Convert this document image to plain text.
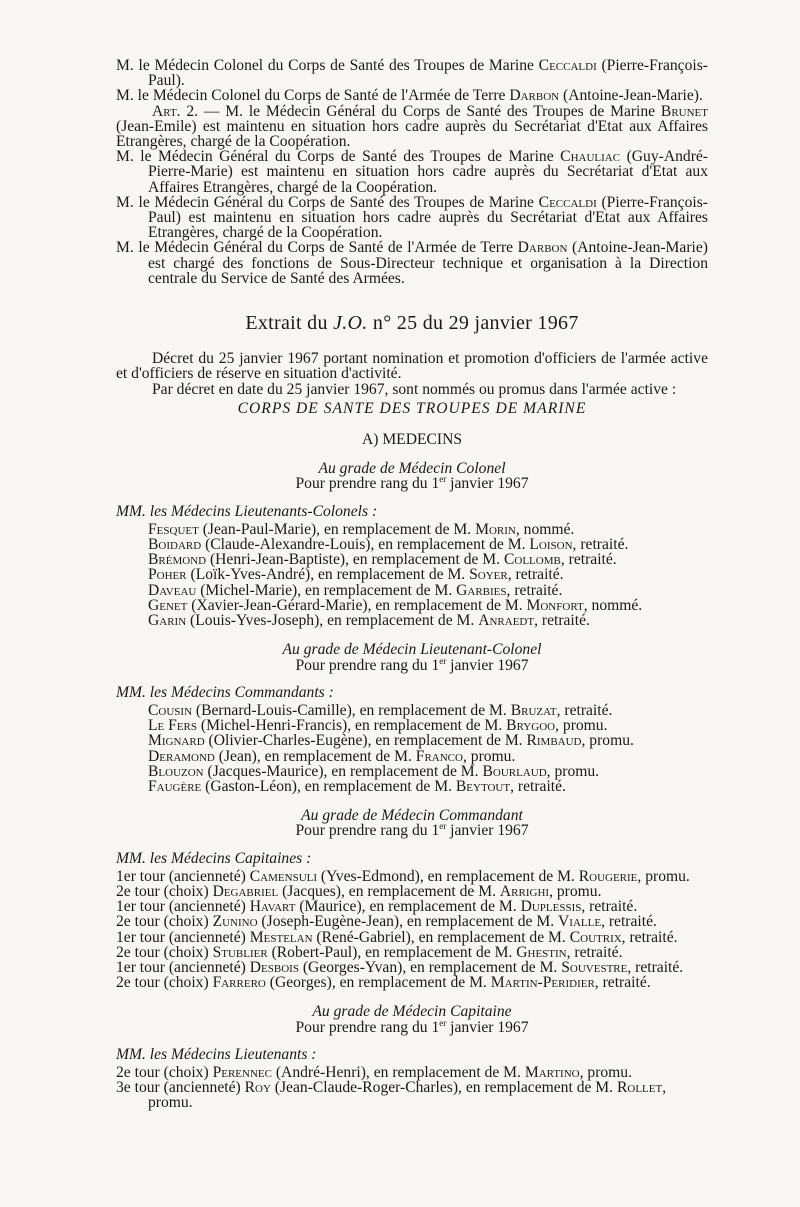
M. le Médecin Colonel du Corps de Santé des Troupes de Marine Ceccaldi (Pierre-François-Paul).

M. le Médecin Colonel du Corps de Santé de l'Armée de Terre Darbon (Antoine-Jean-Marie).

Art. 2. — M. le Médecin Général du Corps de Santé des Troupes de Marine Brunet (Jean-Emile) est maintenu en situation hors cadre auprès du Secrétariat d'Etat aux Affaires Etrangères, chargé de la Coopération.

M. le Médecin Général du Corps de Santé des Troupes de Marine Chauliac (Guy-André-Pierre-Marie) est maintenu en situation hors cadre auprès du Secrétariat d'Etat aux Affaires Etrangères, chargé de la Coopération.

M. le Médecin Général du Corps de Santé des Troupes de Marine Ceccaldi (Pierre-François-Paul) est maintenu en situation hors cadre auprès du Secrétariat d'Etat aux Affaires Etrangères, chargé de la Coopération.

M. le Médecin Général du Corps de Santé de l'Armée de Terre Darbon (Antoine-Jean-Marie) est chargé des fonctions de Sous-Directeur technique et organisation à la Direction centrale du Service de Santé des Armées.

Extrait du J.O. n° 25 du 29 janvier 1967

Décret du 25 janvier 1967 portant nomination et promotion d'officiers de l'armée active et d'officiers de réserve en situation d'activité.

Par décret en date du 25 janvier 1967, sont nommés ou promus dans l'armée active :

CORPS DE SANTE DES TROUPES DE MARINE
A) MEDECINS
Au grade de Médecin Colonel
Pour prendre rang du 1er janvier 1967
MM. les Médecins Lieutenants-Colonels :
Fesquet (Jean-Paul-Marie), en remplacement de M. Morin, nommé.
Boidard (Claude-Alexandre-Louis), en remplacement de M. Loison, retraité.
Brémond (Henri-Jean-Baptiste), en remplacement de M. Collomb, retraité.
Poher (Loïk-Yves-André), en remplacement de M. Soyer, retraité.
Daveau (Michel-Marie), en remplacement de M. Garbies, retraité.
Genet (Xavier-Jean-Gérard-Marie), en remplacement de M. Monfort, nommé.
Garin (Louis-Yves-Joseph), en remplacement de M. Anraedt, retraité.
Au grade de Médecin Lieutenant-Colonel
Pour prendre rang du 1er janvier 1967
MM. les Médecins Commandants :
Cousin (Bernard-Louis-Camille), en remplacement de M. Bruzat, retraité.
Le Fers (Michel-Henri-Francis), en remplacement de M. Brygoo, promu.
Mignard (Olivier-Charles-Eugène), en remplacement de M. Rimbaud, promu.
Deramond (Jean), en remplacement de M. Franco, promu.
Blouzon (Jacques-Maurice), en remplacement de M. Bourlaud, promu.
Faugère (Gaston-Léon), en remplacement de M. Beytout, retraité.
Au grade de Médecin Commandant
Pour prendre rang du 1er janvier 1967
MM. les Médecins Capitaines :
1er tour (ancienneté) Camensuli (Yves-Edmond), en remplacement de M. Rougerie, promu.
2e tour (choix) Degabriel (Jacques), en remplacement de M. Arrighi, promu.
1er tour (ancienneté) Havart (Maurice), en remplacement de M. Duplessis, retraité.
2e tour (choix) Zunino (Joseph-Eugène-Jean), en remplacement de M. Vialle, retraité.
1er tour (ancienneté) Mestelan (René-Gabriel), en remplacement de M. Coutrix, retraité.
2e tour (choix) Stublier (Robert-Paul), en remplacement de M. Ghestin, retraité.
1er tour (ancienneté) Desbois (Georges-Yvan), en remplacement de M. Souvestre, retraité.
2e tour (choix) Farrero (Georges), en remplacement de M. Martin-Peridier, retraité.
Au grade de Médecin Capitaine
Pour prendre rang du 1er janvier 1967
MM. les Médecins Lieutenants :
2e tour (choix) Perennec (André-Henri), en remplacement de M. Martino, promu.
3e tour (ancienneté) Roy (Jean-Claude-Roger-Charles), en remplacement de M. Rollet, promu.
